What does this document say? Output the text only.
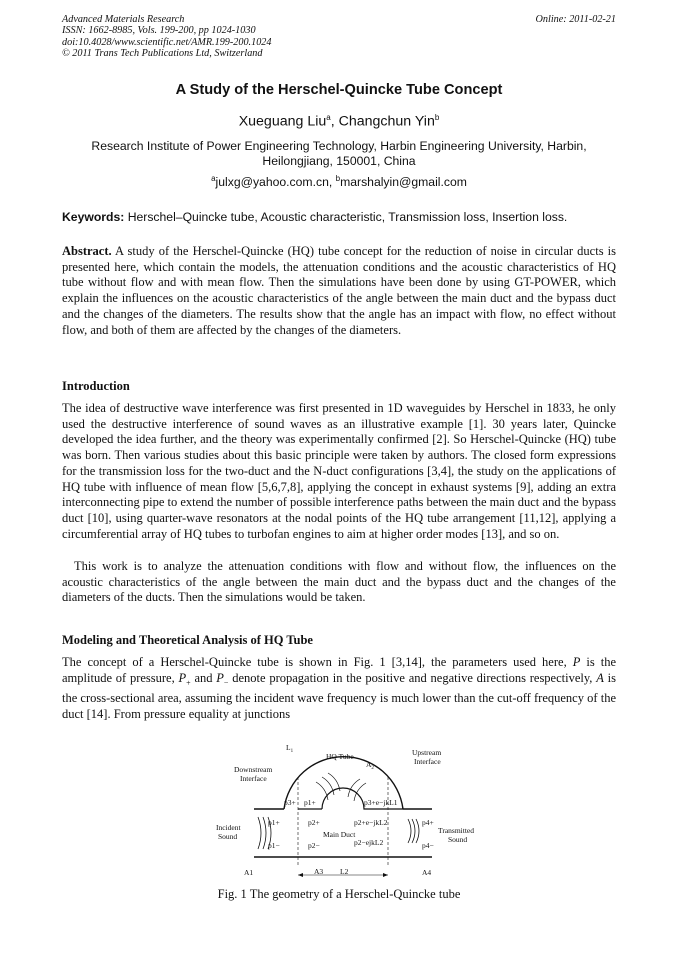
Advanced Materials Research
ISSN: 1662-8985, Vols. 199-200, pp 1024-1030
doi:10.4028/www.scientific.net/AMR.199-200.1024
© 2011 Trans Tech Publications Ltd, Switzerland
Online: 2011-02-21
A Study of the Herschel-Quincke Tube Concept
Xueguang Liu$^a$, Changchun Yin$^b$
Research Institute of Power Engineering Technology, Harbin Engineering University, Harbin, Heilongjiang, 150001, China
$^a$julxg@yahoo.com.cn, $^b$marshalyin@gmail.com
Keywords: Herschel–Quincke tube, Acoustic characteristic, Transmission loss, Insertion loss.

Abstract. A study of the Herschel-Quincke (HQ) tube concept for the reduction of noise in circular ducts is presented here, which contain the models, the attenuation conditions and the acoustic characteristics of HQ tube without flow and with mean flow. Then the simulations have been done by using GT-POWER, which explain the influences on the acoustic characteristics of the angle between the main duct and the bypass duct and the changes of the diameters. The results show that the angle has an impact with flow, no effect without flow, and both of them are affected by the changes of the diameters.

Introduction

The idea of destructive wave interference was first presented in 1D waveguides by Herschel in 1833, he only used the destructive interference of sound waves as an illustrative example [1]. 30 years later, Quincke developed the idea further, and the theory was experimentally confirmed [2]. So Herschel-Quincke (HQ) tube was born. Then various studies about this basic principle were taken by authors. The closed form expressions for the transmission loss for the two-duct and the N-duct configurations [3,4], the study on the applications of HQ tube with influence of mean flow [5,6,7,8], applying the concept in exhaust systems [9], adding an extra interconnecting pipe to extend the number of possible interference paths between the main duct and the bypass duct [10], using quarter-wave resonators at the nodal points of the HQ tube arrangement [11,12], applying a circumferential array of HQ tubes to turbofan engines to aim at higher order modes [13], and so on.

This work is to analyze the attenuation conditions with flow and without flow, the influences on the acoustic characteristics of the angle between the main duct and the bypass duct and the changes of the diameters of the ducts. Then the simulations would be taken.

Modeling and Theoretical Analysis of HQ Tube

The concept of a Herschel-Quincke tube is shown in Fig. 1 [3,14], the parameters used here, P is the amplitude of pressure, $P_+$ and $P_-$ denote propagation in the positive and negative directions respectively, A is the cross-sectional area, assuming the incident wave frequency is much lower than the cut-off frequency of the duct [14]. From pressure equality at junctions

$L_1$
HQ Tube
$A_2$
Upstream
Interface
Downstream
Interface
Incident
Sound
Transmitted
Sound
Main Duct
p3+ p1+	p3+e−jkL1
p1+
p1−
p2+
p2−
p2+e−jkL2
p2−ejkL2
p4+
p4−
A1	A3 L2	A4
Fig. 1 The geometry of a Herschel-Quincke tube
